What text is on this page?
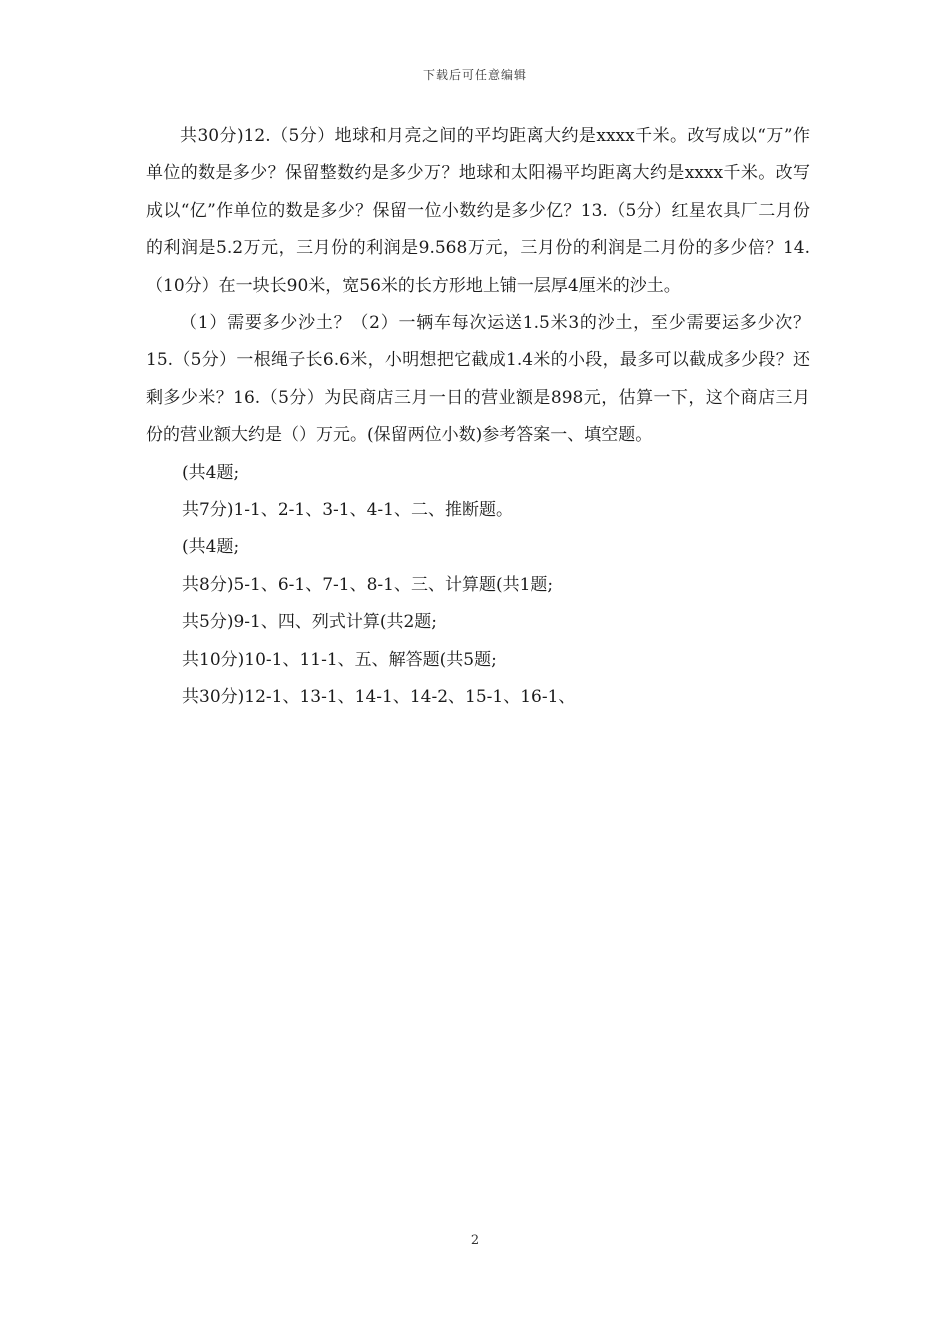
下载后可任意编辑

共30分)12.（5分）地球和月亮之间的平均距离大约是xxxx千米。改写成以“万”作单位的数是多少？保留整数约是多少万？地球和太阳禓平均距离大约是xxxx千米。改写成以“亿”作单位的数是多少？保留一位小数约是多少亿？13.（5分）红星农具厂二月份的利润是5.2万元，三月份的利润是9.568万元，三月份的利润是二月份的多少倍？14.（10分）在一块长90米，宽56米的长方形地上铺一层厚4厘米的沙土。

（1）需要多少沙土？（2）一辆车每次运送1.5米3的沙土，至少需要运多少次？15.（5分）一根绳子长6.6米，小明想把它截成1.4米的小段，最多可以截成多少段？还剩多少米？16.（5分）为民商店三月一日的营业额是898元，估算一下，这个商店三月份的营业额大约是（）万元。(保留两位小数)参考答案一、填空题。

(共4题;

共7分)1-1、2-1、3-1、4-1、二、推断题。

(共4题;

共8分)5-1、6-1、7-1、8-1、三、计算题(共1题;

共5分)9-1、四、列式计算(共2题;

共10分)10-1、11-1、五、解答题(共5题;

共30分)12-1、13-1、14-1、14-2、15-1、16-1、

2
